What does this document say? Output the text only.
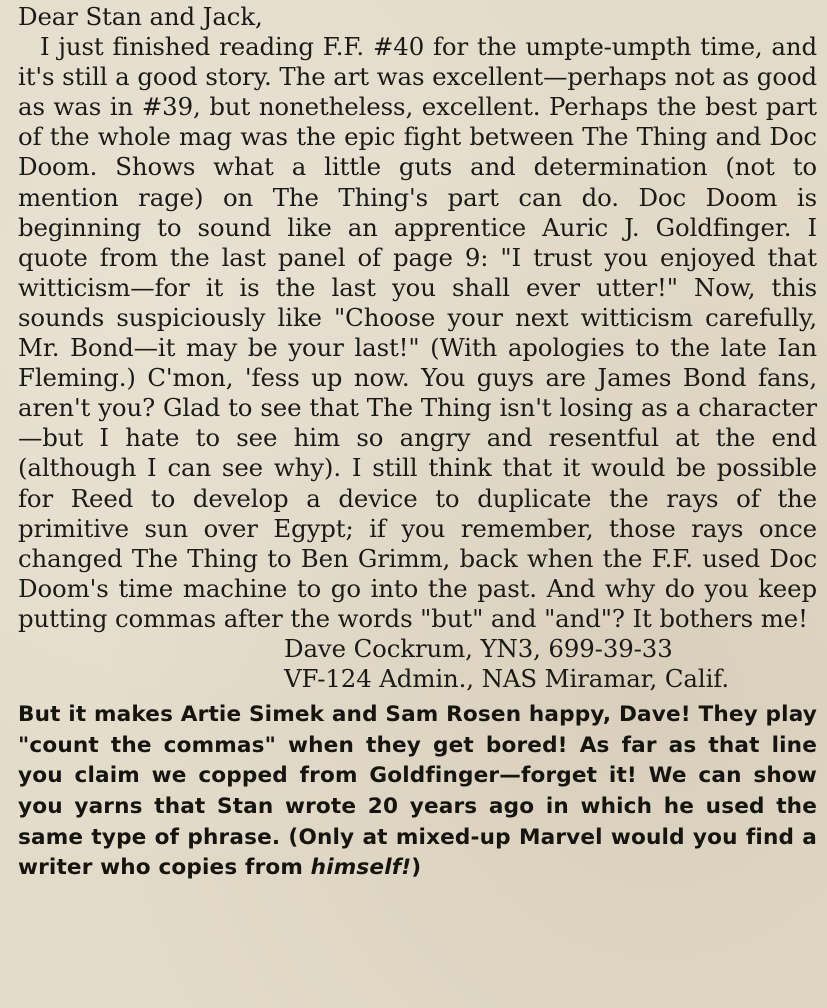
Dear Stan and Jack,

I just finished reading F.F. #40 for the umpte-umpth time, and it's still a good story. The art was excellent—perhaps not as good as was in #39, but nonetheless, excellent. Perhaps the best part of the whole mag was the epic fight between The Thing and Doc Doom. Shows what a little guts and determination (not to mention rage) on The Thing's part can do. Doc Doom is beginning to sound like an apprentice Auric J. Goldfinger. I quote from the last panel of page 9: "I trust you enjoyed that witticism—for it is the last you shall ever utter!" Now, this sounds suspiciously like "Choose your next witticism carefully, Mr. Bond—it may be your last!" (With apologies to the late Ian Fleming.) C'mon, 'fess up now. You guys are James Bond fans, aren't you? Glad to see that The Thing isn't losing as a character—but I hate to see him so angry and resentful at the end (although I can see why). I still think that it would be possible for Reed to develop a device to duplicate the rays of the primitive sun over Egypt; if you remember, those rays once changed The Thing to Ben Grimm, back when the F.F. used Doc Doom's time machine to go into the past. And why do you keep putting commas after the words "but" and "and"? It bothers me!

Dave Cockrum, YN3, 699-39-33

VF-124 Admin., NAS Miramar, Calif.

But it makes Artie Simek and Sam Rosen happy, Dave! They play "count the commas" when they get bored! As far as that line you claim we copped from Goldfinger—forget it! We can show you yarns that Stan wrote 20 years ago in which he used the same type of phrase. (Only at mixed-up Marvel would you find a writer who copies from himself!)
